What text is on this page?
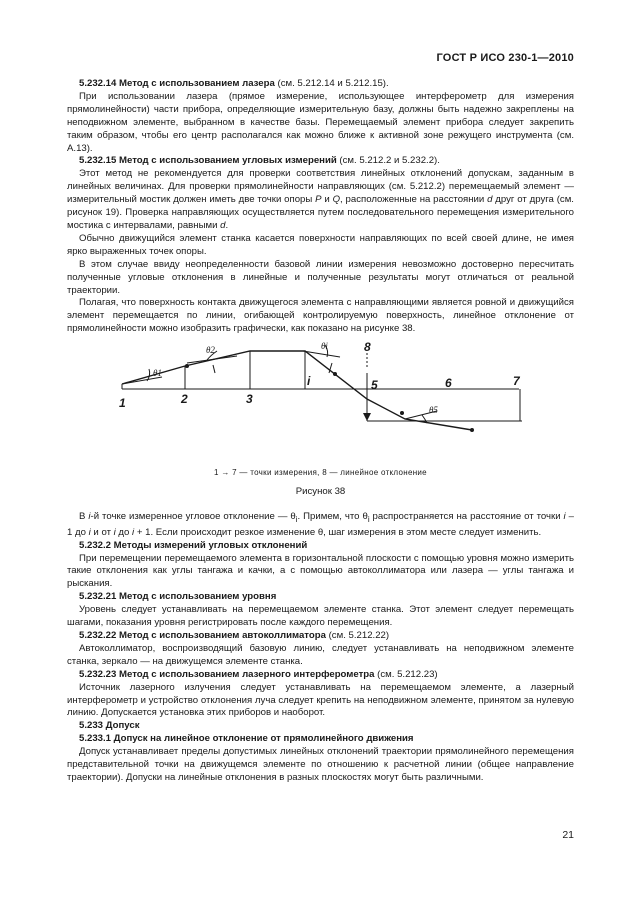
ГОСТ Р ИСО 230-1—2010

5.232.14 Метод с использованием лазера (см. 5.212.14 и 5.212.15).

При использовании лазера (прямое измерение, использующее интерферометр для измерения прямолинейности) части прибора, определяющие измерительную базу, должны быть надежно закреплены на неподвижном элементе, выбранном в качестве базы. Перемещаемый элемент прибора следует закрепить таким образом, чтобы его центр располагался как можно ближе к активной зоне режущего инструмента (см. А.13).

5.232.15 Метод с использованием угловых измерений (см. 5.212.2 и 5.232.2).

Этот метод не рекомендуется для проверки соответствия линейных отклонений допускам, заданным в линейных величинах. Для проверки прямолинейности направляющих (см. 5.212.2) перемещаемый элемент — измерительный мостик должен иметь две точки опоры P и Q, расположенные на расстоянии d друг от друга (см. рисунок 19). Проверка направляющих осуществляется путем последовательного перемещения измерительного мостика с интервалами, равными d.

Обычно движущийся элемент станка касается поверхности направляющих по всей своей длине, не имея ярко выраженных точек опоры.

В этом случае ввиду неопределенности базовой линии измерения невозможно достоверно пересчитать полученные угловые отклонения в линейные и полученные результаты могут отличаться от реальной траектории.

Полагая, что поверхность контакта движущегося элемента с направляющими является ровной и движущийся элемент перемещается по линии, огибающей контролируемую поверхность, линейное отклонение от прямолинейности можно изобразить графически, как показано на рисунке 38.

1	2	3
i	5	6	7
8
θ1
θ2	θi
θ5
1 → 7 — точки измерения, 8 — линейное отклонение
Рисунок 38

В i-й точке измеренное угловое отклонение — $\theta_i$. Примем, что $\theta_i$ распространяется на расстояние от точки i – 1 до i и от i до i + 1. Если происходит резкое изменение θ, шаг измерения в этом месте следует изменить.

5.232.2 Методы измерений угловых отклонений

При перемещении перемещаемого элемента в горизонтальной плоскости с помощью уровня можно измерить такие отклонения как углы тангажа и качки, а с помощью автоколлиматора или лазера — углы тангажа и рыскания.

5.232.21 Метод с использованием уровня

Уровень следует устанавливать на перемещаемом элементе станка. Этот элемент следует перемещать шагами, показания уровня регистрировать после каждого перемещения.

5.232.22 Метод с использованием автоколлиматора (см. 5.212.22)

Автоколлиматор, воспроизводящий базовую линию, следует устанавливать на неподвижном элементе станка, зеркало — на движущемся элементе станка.

5.232.23 Метод с использованием лазерного интерферометра (см. 5.212.23)

Источник лазерного излучения следует устанавливать на перемещаемом элементе, а лазерный интерферометр и устройство отклонения луча следует крепить на неподвижном элементе, принятом за нулевую линию. Допускается установка этих приборов и наоборот.

5.233 Допуск

5.233.1 Допуск на линейное отклонение от прямолинейного движения

Допуск устанавливает пределы допустимых линейных отклонений траектории прямолинейного перемещения представительной точки на движущемся элементе по отношению к расчетной линии (общее направление траектории). Допуски на линейные отклонения в разных плоскостях могут быть различными.

21
